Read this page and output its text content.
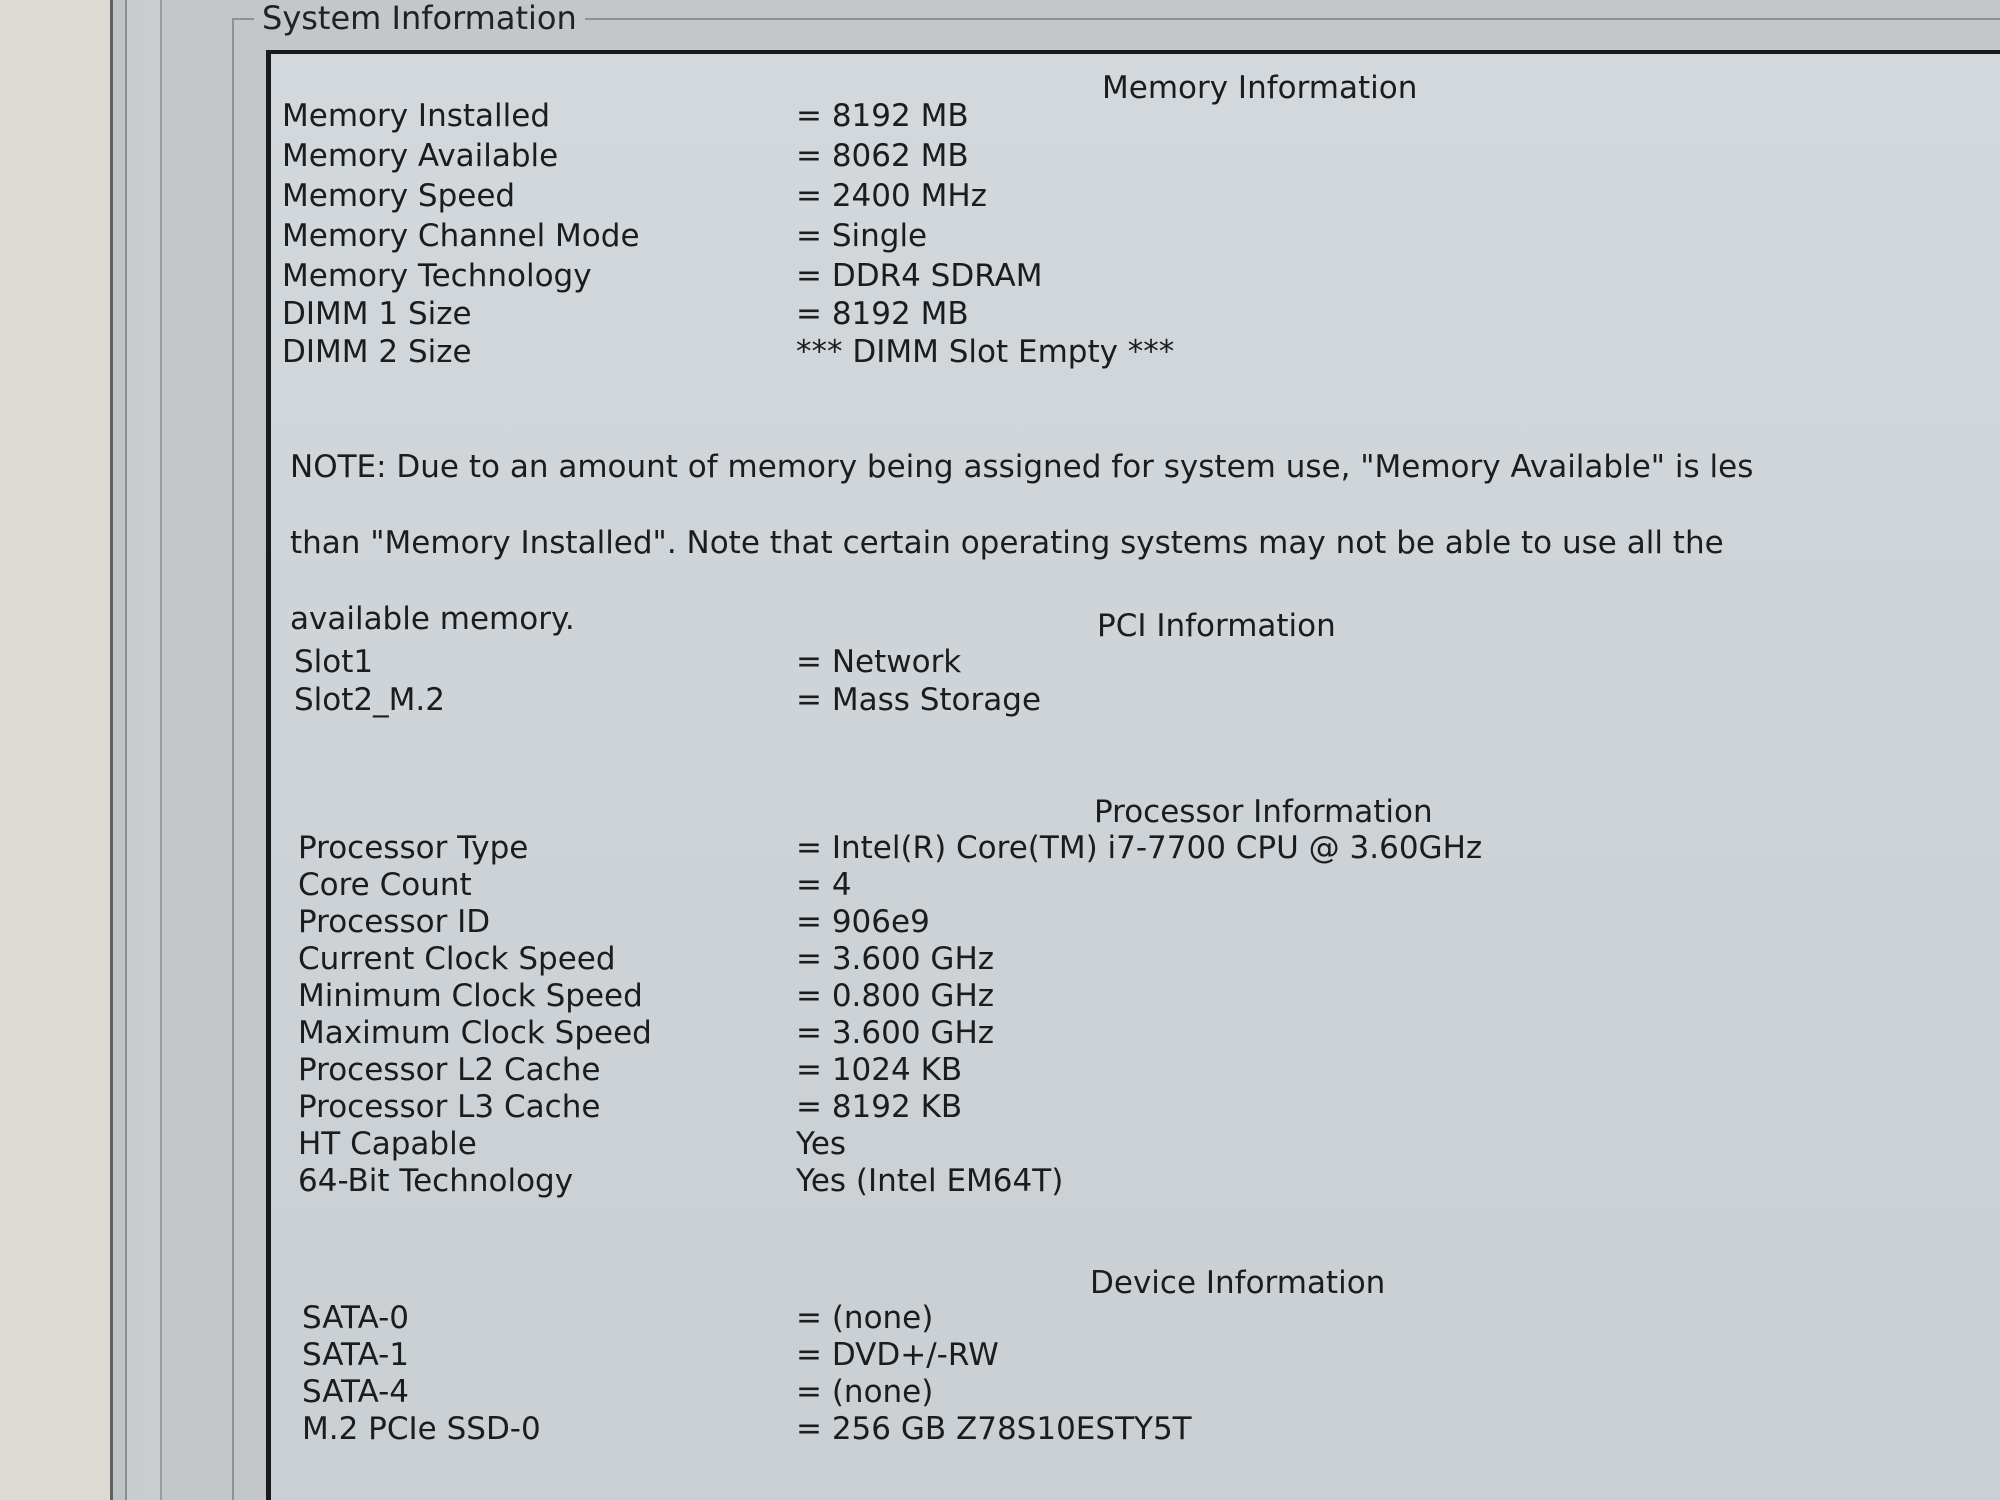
System Information
Memory Information
Memory Installed	= 8192 MB
Memory Available	= 8062 MB
Memory Speed	= 2400 MHz
Memory Channel Mode	= Single
Memory Technology	= DDR4 SDRAM
DIMM 1 Size	= 8192 MB
DIMM 2 Size	*** DIMM Slot Empty ***

NOTE: Due to an amount of memory being assigned for system use, "Memory Available" is les

than "Memory Installed". Note that certain operating systems may not be able to use all the

available memory.	PCI Information
Slot1	= Network
Slot2_M.2	= Mass Storage
Processor Information
Processor Type	= Intel(R) Core(TM) i7-7700 CPU @ 3.60GHz
Core Count	= 4
Processor ID	= 906e9
Current Clock Speed	= 3.600 GHz
Minimum Clock Speed	= 0.800 GHz
Maximum Clock Speed	= 3.600 GHz
Processor L2 Cache	= 1024 KB
Processor L3 Cache	= 8192 KB
HT Capable	Yes
64-Bit Technology	Yes (Intel EM64T)
Device Information
SATA-0	= (none)
SATA-1	= DVD+/-RW
SATA-4	= (none)
M.2 PCIe SSD-0	= 256 GB Z78S10ESTY5T
